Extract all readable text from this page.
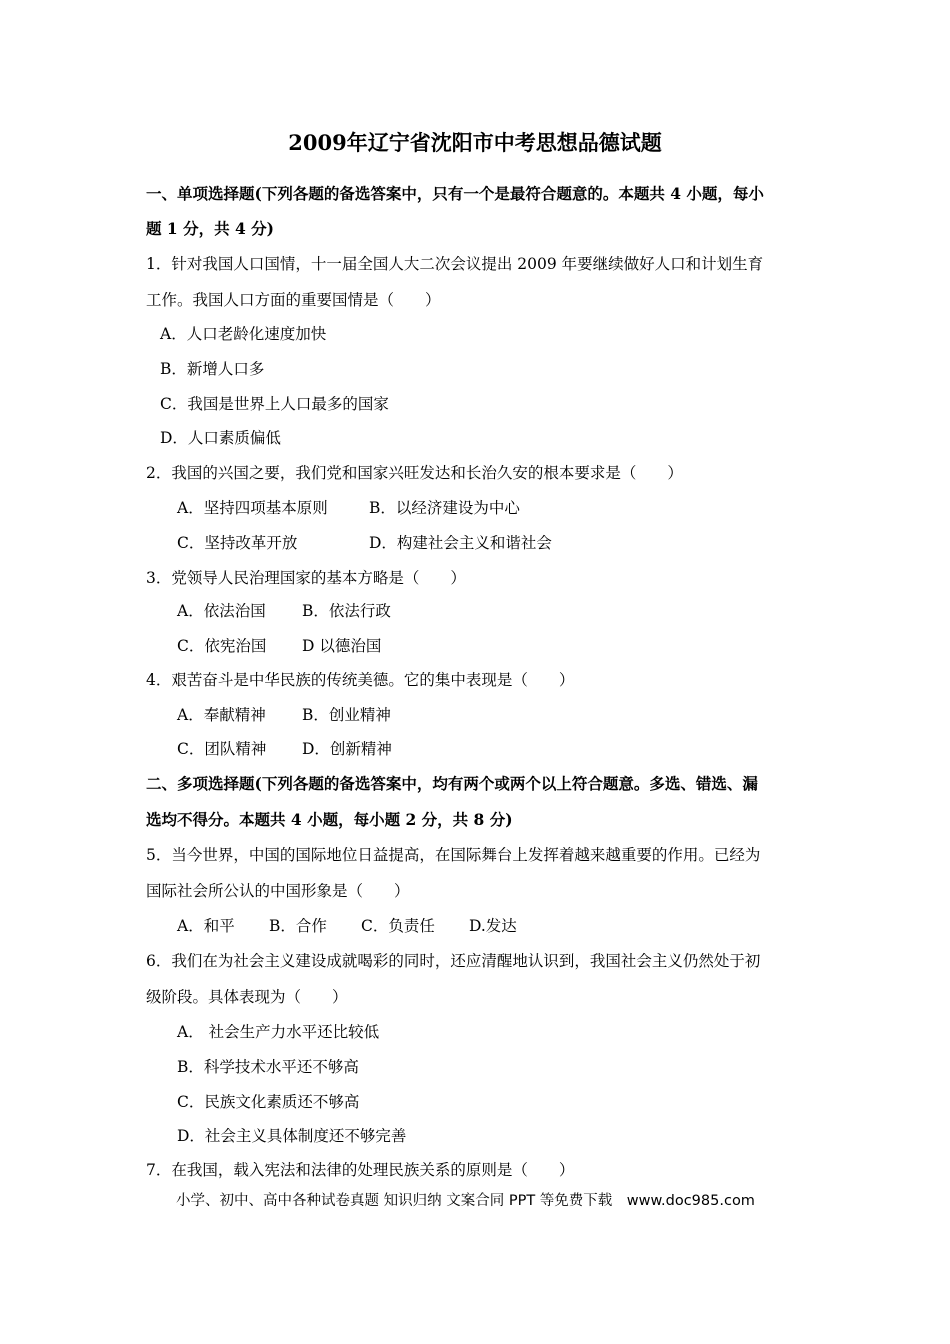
2009年辽宁省沈阳市中考思想品德试题
一、单项选择题(下列各题的备选答案中，只有一个是最符合题意的。本题共 4 小题，每小
题 1 分，共 4 分)
1．针对我国人口国情，十一届全国人大二次会议提出 2009 年要继续做好人口和计划生育
工作。我国人口方面的重要国情是（　　）
A．人口老龄化速度加快
B．新增人口多
C．我国是世界上人口最多的国家
D．人口素质偏低
2．我国的兴国之要，我们党和国家兴旺发达和长治久安的根本要求是（　　）
A．坚持四项基本原则	B．以经济建设为中心
C．坚持改革开放	D．构建社会主义和谐社会
3．党领导人民治理国家的基本方略是（　　）
A．依法治国 B．依法行政
C．依宪治国 D 以德治国
4．艰苦奋斗是中华民族的传统美德。它的集中表现是（　　）
A．奉献精神 B．创业精神
C．团队精神 D．创新精神
二、多项选择题(下列各题的备选答案中，均有两个或两个以上符合题意。多选、错选、漏
选均不得分。本题共 4 小题，每小题 2 分，共 8 分)
5．当今世界，中国的国际地位日益提高，在国际舞台上发挥着越来越重要的作用。已经为
国际社会所公认的中国形象是（　　）
A．和平 B．合作 C．负责任 D.发达
6．我们在为社会主义建设成就喝彩的同时，还应清醒地认识到，我国社会主义仍然处于初
级阶段。具体表现为（　　）
A． 社会生产力水平还比较低
B．科学技术水平还不够高
C．民族文化素质还不够高
D．社会主义具体制度还不够完善
7．在我国，载入宪法和法律的处理民族关系的原则是（　　）
小学、初中、高中各种试卷真题 知识归纳 文案合同 PPT 等免费下载　www.doc985.com
